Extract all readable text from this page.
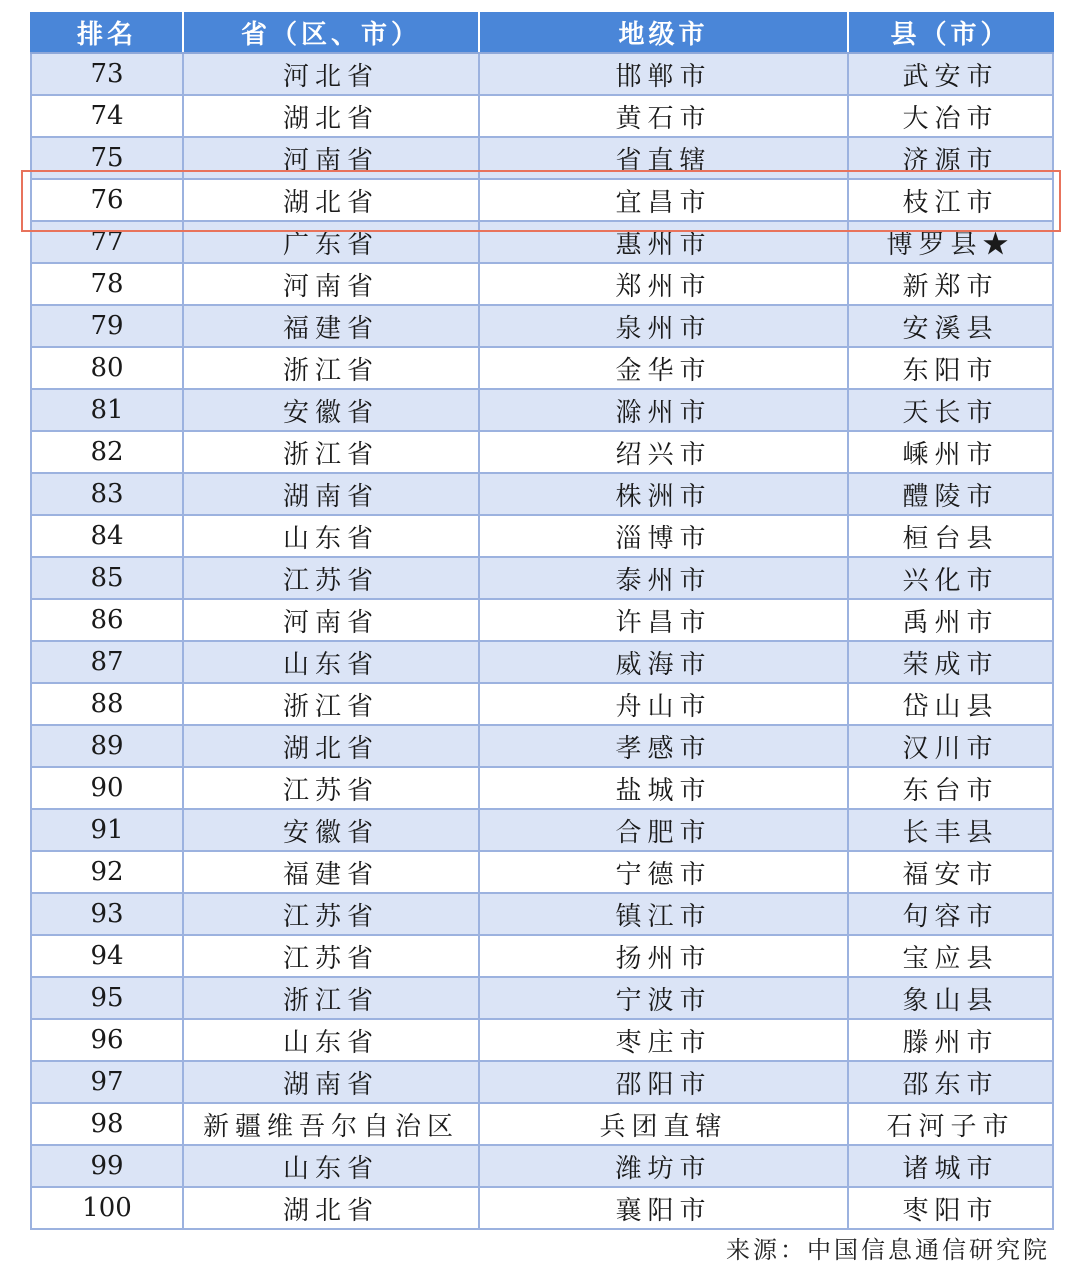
排名	省（区、市）	地级市	县（市）
73	河北省	邯郸市	武安市
74	湖北省	黄石市	大冶市
75	河南省	省直辖	济源市
76	湖北省	宜昌市	枝江市
77	广东省	惠州市	博罗县★
78	河南省	郑州市	新郑市
79	福建省	泉州市	安溪县
80	浙江省	金华市	东阳市
81	安徽省	滁州市	天长市
82	浙江省	绍兴市	嵊州市
83	湖南省	株洲市	醴陵市
84	山东省	淄博市	桓台县
85	江苏省	泰州市	兴化市
86	河南省	许昌市	禹州市
87	山东省	威海市	荣成市
88	浙江省	舟山市	岱山县
89	湖北省	孝感市	汉川市
90	江苏省	盐城市	东台市
91	安徽省	合肥市	长丰县
92	福建省	宁德市	福安市
93	江苏省	镇江市	句容市
94	江苏省	扬州市	宝应县
95	浙江省	宁波市	象山县
96	山东省	枣庄市	滕州市
97	湖南省	邵阳市	邵东市
98	新疆维吾尔自治区	兵团直辖	石河子市
99	山东省	潍坊市	诸城市
100	湖北省	襄阳市	枣阳市
来源：中国信息通信研究院
